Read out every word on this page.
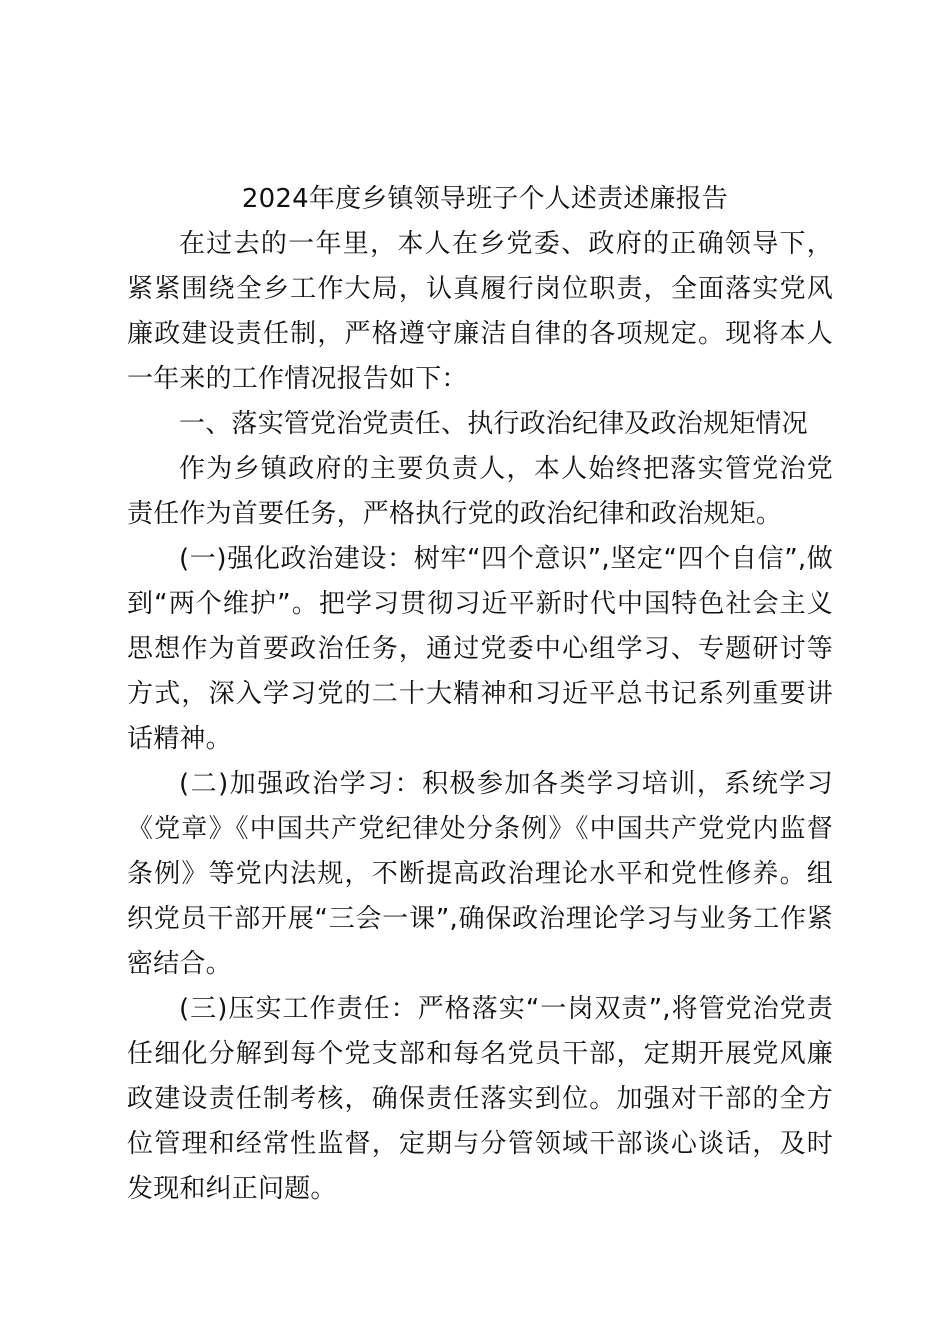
2024年度乡镇领导班子个人述责述廉报告

在过去的一年里，本人在乡党委、政府的正确领导下，紧紧围绕全乡工作大局，认真履行岗位职责，全面落实党风廉政建设责任制，严格遵守廉洁自律的各项规定。现将本人一年来的工作情况报告如下：

一、落实管党治党责任、执行政治纪律及政治规矩情况

作为乡镇政府的主要负责人，本人始终把落实管党治党责任作为首要任务，严格执行党的政治纪律和政治规矩。

(一)强化政治建设：树牢“四个意识”,坚定“四个自信”,做到“两个维护”。把学习贯彻习近平新时代中国特色社会主义思想作为首要政治任务，通过党委中心组学习、专题研讨等方式，深入学习党的二十大精神和习近平总书记系列重要讲话精神。

(二)加强政治学习：积极参加各类学习培训，系统学习《党章》《中国共产党纪律处分条例》《中国共产党党内监督条例》等党内法规，不断提高政治理论水平和党性修养。组织党员干部开展“三会一课”,确保政治理论学习与业务工作紧密结合。

(三)压实工作责任：严格落实“一岗双责”,将管党治党责任细化分解到每个党支部和每名党员干部，定期开展党风廉政建设责任制考核，确保责任落实到位。加强对干部的全方位管理和经常性监督，定期与分管领域干部谈心谈话，及时发现和纠正问题。
